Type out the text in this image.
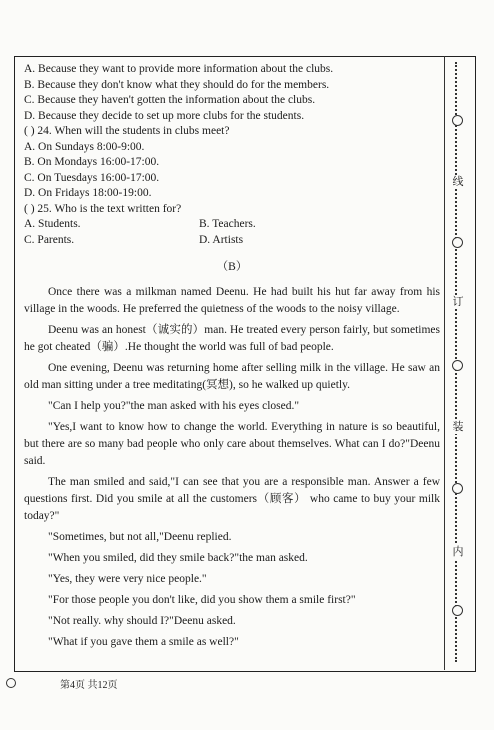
线
订
装
内
A. Because they want to provide more information about the clubs.
B. Because they don't know what they should do for the members.
C. Because they haven't gotten the information about the clubs.
D. Because they decide to set up more clubs for the students.
( ) 24. When will the students in clubs meet?
A. On Sundays 8:00-9:00.
B. On Mondays 16:00-17:00.
C. On Tuesdays 16:00-17:00.
D. On Fridays 18:00-19:00.
( ) 25. Who is the text written for?
A. Students.	B. Teachers.
C. Parents.	D. Artists
（B）

Once there was a milkman named Deenu. He had built his hut far away from his village in the woods. He preferred the quietness of the woods to the noisy village.

Deenu was an honest（诚实的）man. He treated every person fairly, but sometimes he got cheated（骗）.He thought the world was full of bad people.

One evening, Deenu was returning home after selling milk in the village. He saw an old man sitting under a tree meditating(冥想), so he walked up quietly.

"Can I help you?"the man asked with his eyes closed."

"Yes,I want to know how to change the world. Everything in nature is so beautiful, but there are so many bad people who only care about themselves. What can I do?"Deenu said.

The man smiled and said,"I can see that you are a responsible man. Answer a few questions first. Did you smile at all the customers（顾客） who came to buy your milk today?"

"Sometimes, but not all,"Deenu replied.

"When you smiled, did they smile back?"the man asked.

"Yes, they were very nice people."

"For those people you don't like, did you show them a smile first?"

"Not really. why should I?"Deenu asked.

"What if you gave them a smile as well?"

第4页 共12页
